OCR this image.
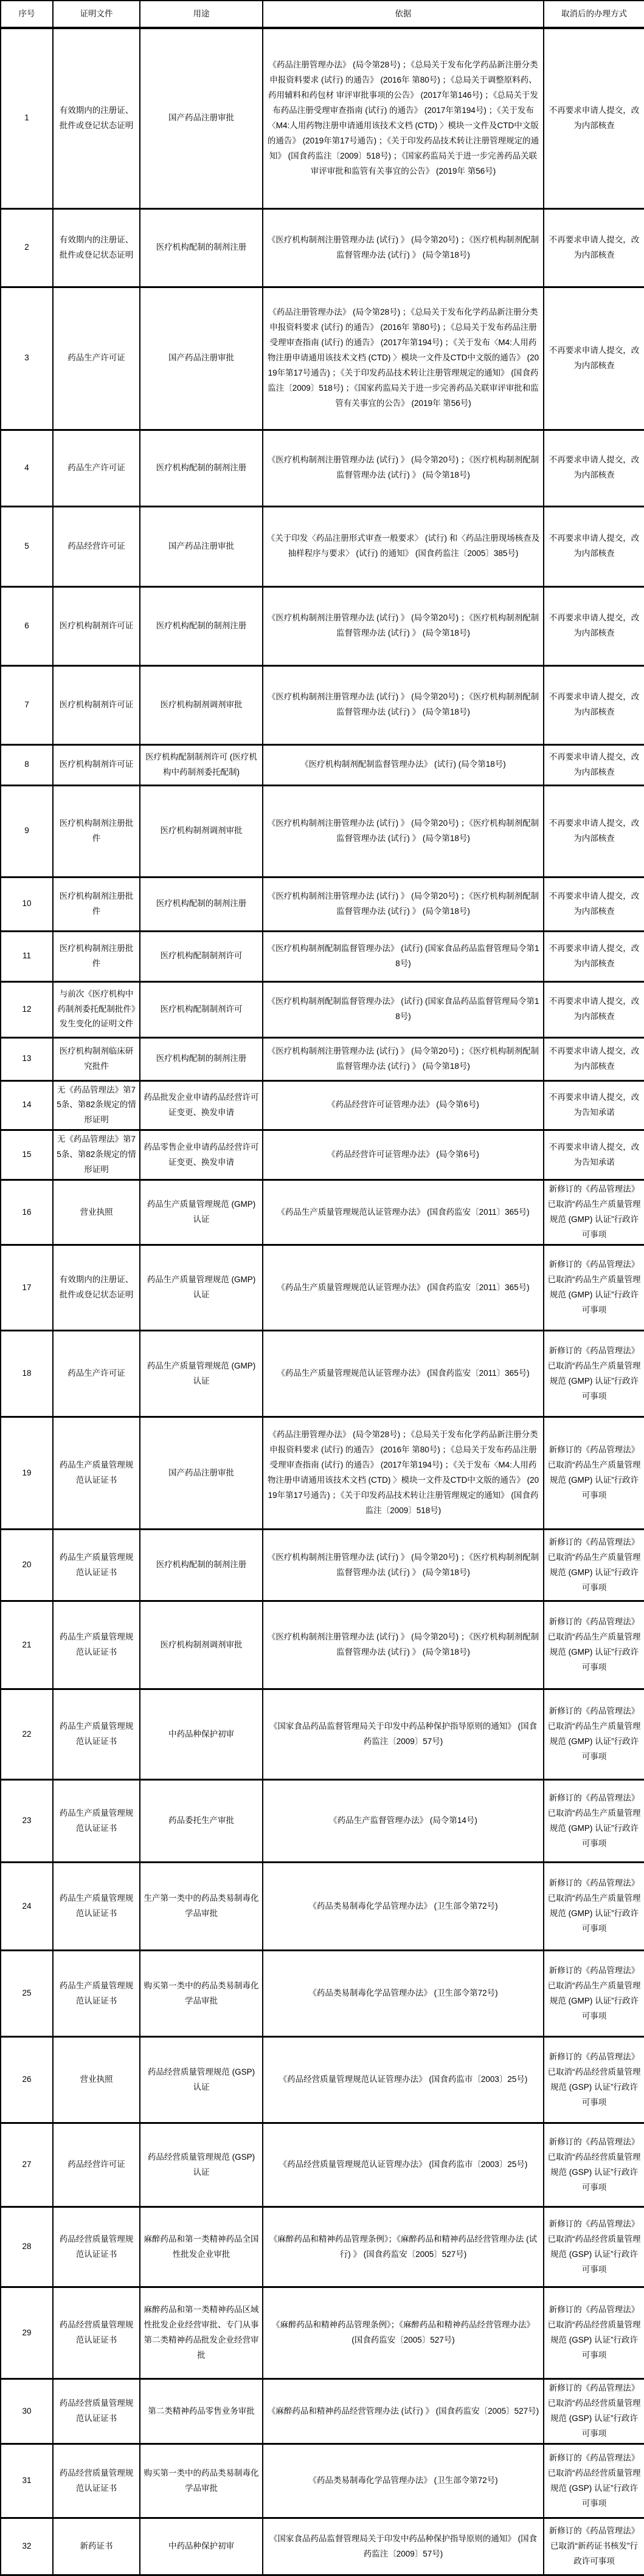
序号	证明文件	用途	依据	取消后的办理方式
1	有效期内的注册证、批件或登记状态证明	国产药品注册审批	《药品注册管理办法》 (局令第28号) ；《总局关于发布化学药品新注册分类申报资料要求 (试行) 的通告》 (2016年 第80号) ；《总局关于调整原料药、药用辅料和药包材 审评审批事项的公告》 (2017年第146号) ；《总局关于发布药品注册受理审查指南 (试行) 的通告》 (2017年第194号) ；《关于发布〈M4:人用药物注册申请通用该技术文档 (CTD) 〉模块一文件及CTD中文版的通告》 (2019年第17号通告) ；《关于印发药品技术转让注册管理规定的通知》 (国食药监注〔2009〕518号) ；《国家药监局关于进一步完善药品关联审评审批和监管有关事宜的公告》 (2019年 第56号)	不再要求申请人提交，改为内部核查
2	有效期内的注册证、批件或登记状态证明	医疗机构配制的制剂注册	《医疗机构制剂注册管理办法 (试行) 》 (局令第20号) ；《医疗机构制剂配制监督管理办法 (试行) 》 (局令第18号)	不再要求申请人提交，改为内部核查
3	药品生产许可证	国产药品注册审批	《药品注册管理办法》 (局令第28号) ；《总局关于发布化学药品新注册分类申报资料要求 (试行) 的通告》 (2016年 第80号) ；《总局关于发布药品注册受理审查指南 (试行) 的通告》 (2017年第194号) ；《关于发布〈M4:人用药物注册申请通用该技术文档 (CTD) 〉模块一文件及CTD中文版的通告》 (2019年第17号通告) ；《关于印发药品技术转让注册管理规定的通知》 (国食药监注〔2009〕518号) ；《国家药监局关于进一步完善药品关联审评审批和监管有关事宜的公告》 (2019年 第56号)	不再要求申请人提交，改为内部核查
4	药品生产许可证	医疗机构配制的制剂注册	《医疗机构制剂注册管理办法 (试行) 》 (局令第20号) ；《医疗机构制剂配制监督管理办法 (试行) 》 (局令第18号)	不再要求申请人提交，改为内部核查
5	药品经营许可证	国产药品注册审批	《关于印发〈药品注册形式审查一般要求〉 (试行) 和〈药品注册现场核查及抽样程序与要求〉 (试行) 的通知》 (国食药监注〔2005〕385号)	不再要求申请人提交，改为内部核查
6	医疗机构制剂许可证	医疗机构配制的制剂注册	《医疗机构制剂注册管理办法 (试行) 》 (局令第20号) ；《医疗机构制剂配制监督管理办法 (试行) 》 (局令第18号)	不再要求申请人提交，改为内部核查
7	医疗机构制剂许可证	医疗机构制剂调剂审批	《医疗机构制剂注册管理办法 (试行) 》 (局令第20号) ；《医疗机构制剂配制监督管理办法 (试行) 》 (局令第18号)	不再要求申请人提交，改为内部核查
8	医疗机构制剂许可证	医疗机构配制制剂许可 (医疗机构中药制剂委托配制)	《医疗机构制剂配制监督管理办法》 (试行) (局令第18号)	不再要求申请人提交，改为内部核查
9	医疗机构制剂注册批件	医疗机构制剂调剂审批	《医疗机构制剂注册管理办法 (试行) 》 (局令第20号) ；《医疗机构制剂配制监督管理办法 (试行) 》 (局令第18号)	不再要求申请人提交，改为内部核查
10	医疗机构制剂注册批件	医疗机构配制的制剂注册	《医疗机构制剂注册管理办法 (试行) 》 (局令第20号) ；《医疗机构制剂配制监督管理办法 (试行) 》 (局令第18号)	不再要求申请人提交，改为内部核查
11	医疗机构制剂注册批件	医疗机构配制制剂许可	《医疗机构制剂配制监督管理办法》 (试行) (国家食品药品监督管理局令第18号)	不再要求申请人提交，改为内部核查
12	与前次《医疗机构中药制剂委托配制批件》发生变化的证明文件	医疗机构配制制剂许可	《医疗机构制剂配制监督管理办法》 (试行) (国家食品药品监督管理局令第18号)	不再要求申请人提交，改为内部核查
13	医疗机构制剂临床研究批件	医疗机构配制的制剂注册	《医疗机构制剂注册管理办法 (试行) 》 (局令第20号) ；《医疗机构制剂配制监督管理办法 (试行) 》 (局令第18号)	不再要求申请人提交，改为内部核查
14	无《药品管理法》第75条、第82条规定的情形证明	药品批发企业申请药品经营许可证变更、换发申请	《药品经营许可证管理办法》 (局令第6号)	不再要求申请人提交，改为告知承诺
15	无《药品管理法》第75条、第82条规定的情形证明	药品零售企业申请药品经营许可证变更、换发申请	《药品经营许可证管理办法》 (局令第6号)	不再要求申请人提交，改为告知承诺
16	营业执照	药品生产质量管理规范 (GMP) 认证	《药品生产质量管理规范认证管理办法》 (国食药监安〔2011〕365号)	新修订的《药品管理法》已取消“药品生产质量管理规范 (GMP) 认证”行政许可事项
17	有效期内的注册证、批件或登记状态证明	药品生产质量管理规范 (GMP) 认证	《药品生产质量管理规范认证管理办法》 (国食药监安〔2011〕365号)	新修订的《药品管理法》已取消“药品生产质量管理规范 (GMP) 认证”行政许可事项
18	药品生产许可证	药品生产质量管理规范 (GMP) 认证	《药品生产质量管理规范认证管理办法》 (国食药监安〔2011〕365号)	新修订的《药品管理法》已取消“药品生产质量管理规范 (GMP) 认证”行政许可事项
19	药品生产质量管理规范认证证书	国产药品注册审批	《药品注册管理办法》 (局令第28号) ；《总局关于发布化学药品新注册分类申报资料要求 (试行) 的通告》 (2016年 第80号) ；《总局关于发布药品注册受理审查指南 (试行) 的通告》 (2017年第194号) ；《关于发布〈M4:人用药物注册申请通用该技术文档 (CTD) 〉模块一文件及CTD中文版的通告》 (2019年第17号通告) ；《关于印发药品技术转让注册管理规定的通知》 (国食药监注〔2009〕518号)	新修订的《药品管理法》已取消“药品生产质量管理规范 (GMP) 认证”行政许可事项
20	药品生产质量管理规范认证证书	医疗机构配制的制剂注册	《医疗机构制剂注册管理办法 (试行) 》 (局令第20号) ；《医疗机构制剂配制监督管理办法 (试行) 》 (局令第18号)	新修订的《药品管理法》已取消“药品生产质量管理规范 (GMP) 认证”行政许可事项
21	药品生产质量管理规范认证证书	医疗机构制剂调剂审批	《医疗机构制剂注册管理办法 (试行) 》 (局令第20号) ；《医疗机构制剂配制监督管理办法 (试行) 》 (局令第18号)	新修订的《药品管理法》已取消“药品生产质量管理规范 (GMP) 认证”行政许可事项
22	药品生产质量管理规范认证证书	中药品种保护初审	《国家食品药品监督管理局关于印发中药品种保护指导原则的通知》 (国食药监注〔2009〕57号)	新修订的《药品管理法》已取消“药品生产质量管理规范 (GMP) 认证”行政许可事项
23	药品生产质量管理规范认证证书	药品委托生产审批	《药品生产监督管理办法》 (局令第14号)	新修订的《药品管理法》已取消“药品生产质量管理规范 (GMP) 认证”行政许可事项
24	药品生产质量管理规范认证证书	生产第一类中的药品类易制毒化学品审批	《药品类易制毒化学品管理办法》 (卫生部令第72号)	新修订的《药品管理法》已取消“药品生产质量管理规范 (GMP) 认证”行政许可事项
25	药品生产质量管理规范认证证书	购买第一类中的药品类易制毒化学品审批	《药品类易制毒化学品管理办法》 (卫生部令第72号)	新修订的《药品管理法》已取消“药品生产质量管理规范 (GMP) 认证”行政许可事项
26	营业执照	药品经营质量管理规范 (GSP) 认证	《药品经营质量管理规范认证管理办法》 (国食药监市〔2003〕25号)	新修订的《药品管理法》已取消“药品经营质量管理规范 (GSP) 认证”行政许可事项
27	药品经营许可证	药品经营质量管理规范 (GSP) 认证	《药品经营质量管理规范认证管理办法》 (国食药监市〔2003〕25号)	新修订的《药品管理法》已取消“药品经营质量管理规范 (GSP) 认证”行政许可事项
28	药品经营质量管理规范认证证书	麻醉药品和第一类精神药品全国性批发企业审批	《麻醉药品和精神药品管理条例》；《麻醉药品和精神药品经营管理办法 (试行) 》 (国食药监安〔2005〕527号)	新修订的《药品管理法》已取消“药品经营质量管理规范 (GSP) 认证”行政许可事项
29	药品经营质量管理规范认证证书	麻醉药品和第一类精神药品区域性批发企业经营审批、专门从事第二类精神药品批发企业经营审批	《麻醉药品和精神药品管理条例》；《麻醉药品和精神药品经营管理办法》 (国食药监安〔2005〕527号)	新修订的《药品管理法》已取消“药品经营质量管理规范 (GSP) 认证”行政许可事项
30	药品经营质量管理规范认证证书	第二类精神药品零售业务审批	《麻醉药品和精神药品经营管理办法 (试行) 》 (国食药监安〔2005〕527号)	新修订的《药品管理法》已取消“药品经营质量管理规范 (GSP) 认证”行政许可事项
31	药品经营质量管理规范认证证书	购买第一类中的药品类易制毒化学品审批	《药品类易制毒化学品管理办法》 (卫生部令第72号)	新修订的《药品管理法》已取消“药品经营质量管理规范 (GSP) 认证”行政许可事项
32	新药证书	中药品种保护初审	《国家食品药品监督管理局关于印发中药品种保护指导原则的通知》 (国食药监注〔2009〕57号)	新修订的《药品管理法》已取消“新药证书核发”行政许可事项
